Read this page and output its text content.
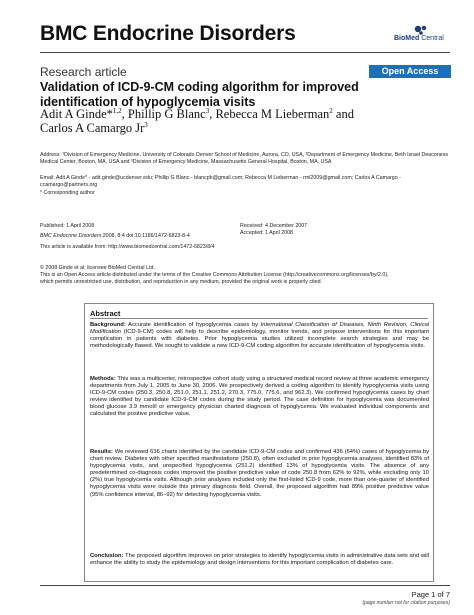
BMC Endocrine Disorders	BioMed Central
Research article	Open Access
Validation of ICD-9-CM coding algorithm for improved
identification of hypoglycemia visits
Adit A Ginde*$^{1,2}$, Phillip G Blanc$^3$, Rebecca M Lieberman$^2$ and
Carlos A Camargo Jr$^3$
Address: ¹Division of Emergency Medicine, University of Colorado Denver School of Medicine, Aurora, CO, USA, ²Department of Emergency Medicine, Beth Israel Deaconess Medical Center, Boston, MA, USA and ³Division of Emergency Medicine, Massachusetts General Hospital, Boston, MA, USA
Email: Adit A Ginde* - adit.ginde@ucdenver.edu; Phillip G Blanc - blancph@gmail.com; Rebecca M Lieberman - rml2009@gmail.com; Carlos A Camargo - ccamargo@partners.org
* Corresponding author
Published: 1 April 2008	Received: 4 December 2007
Accepted: 1 April 2008
BMC Endocrine Disorders 2008, 8:4 doi:10.1186/1472-6823-8-4
This article is available from: http://www.biomedcentral.com/1472-6823/8/4
© 2008 Ginde et al; licensee BioMed Central Ltd.
This is an Open Access article distributed under the terms of the Creative Commons Attribution License (http://creativecommons.org/licenses/by/2.0),
which permits unrestricted use, distribution, and reproduction in any medium, provided the original work is properly cited.
Abstract
Background: Accurate identification of hypoglycemia cases by International Classification of Diseases, Ninth Revision, Clinical Modification (ICD-9-CM) codes will help to describe epidemiology, monitor trends, and propose interventions for this important complication in patients with diabetes. Prior hypoglycemia studies utilized incomplete search strategies and may be methodologically flawed. We sought to validate a new ICD-9-CM coding algorithm for accurate identification of hypoglycemia visits.
Methods: This was a multicenter, retrospective cohort study using a structured medical record review at three academic emergency departments from July 1, 2005 to June 30, 2006. We prospectively derived a coding algorithm to identify hypoglycemia visits using ICD-9-CM codes (250.3, 250.8, 251.0, 251.1, 251.2, 270.3, 775.0, 775.6, and 962.3). We confirmed hypoglycemia cases by chart review identified by candidate ICD-9-CM codes during the study period. The case definition for hypoglycemia was documented blood glucose 3.9 mmol/l or emergency physician charted diagnosis of hypoglycemia. We evaluated individual components and calculated the positive predictive value.
Results: We reviewed 636 charts identified by the candidate ICD-9-CM codes and confirmed 436 (64%) cases of hypoglycemia by chart review. Diabetes with other specified manifestations (250.8), often excluded in prior hypoglycemia analyses, identified 83% of hypoglycemia visits, and unspecified hypoglycemia (251.2) identified 13% of hypoglycemia visits. The absence of any predetermined co-diagnosis codes improved the positive predictive value of code 250.8 from 62% to 92%, while excluding only 10 (2%) true hypoglycemia visits. Although prior analyses included only the first-listed ICD-9 code, more than one-quarter of identified hypoglycemia visits were outside this primary diagnosis field. Overall, the proposed algorithm had 89% positive predictive value (95% confidence interval, 86–92) for detecting hypoglycemia visits.
Conclusion: The proposed algorithm improves on prior strategies to identify hypoglycemia visits in administrative data sets and will enhance the ability to study the epidemiology and design interventions for this important complication of diabetes care.
Page 1 of 7
(page number not for citation purposes)
